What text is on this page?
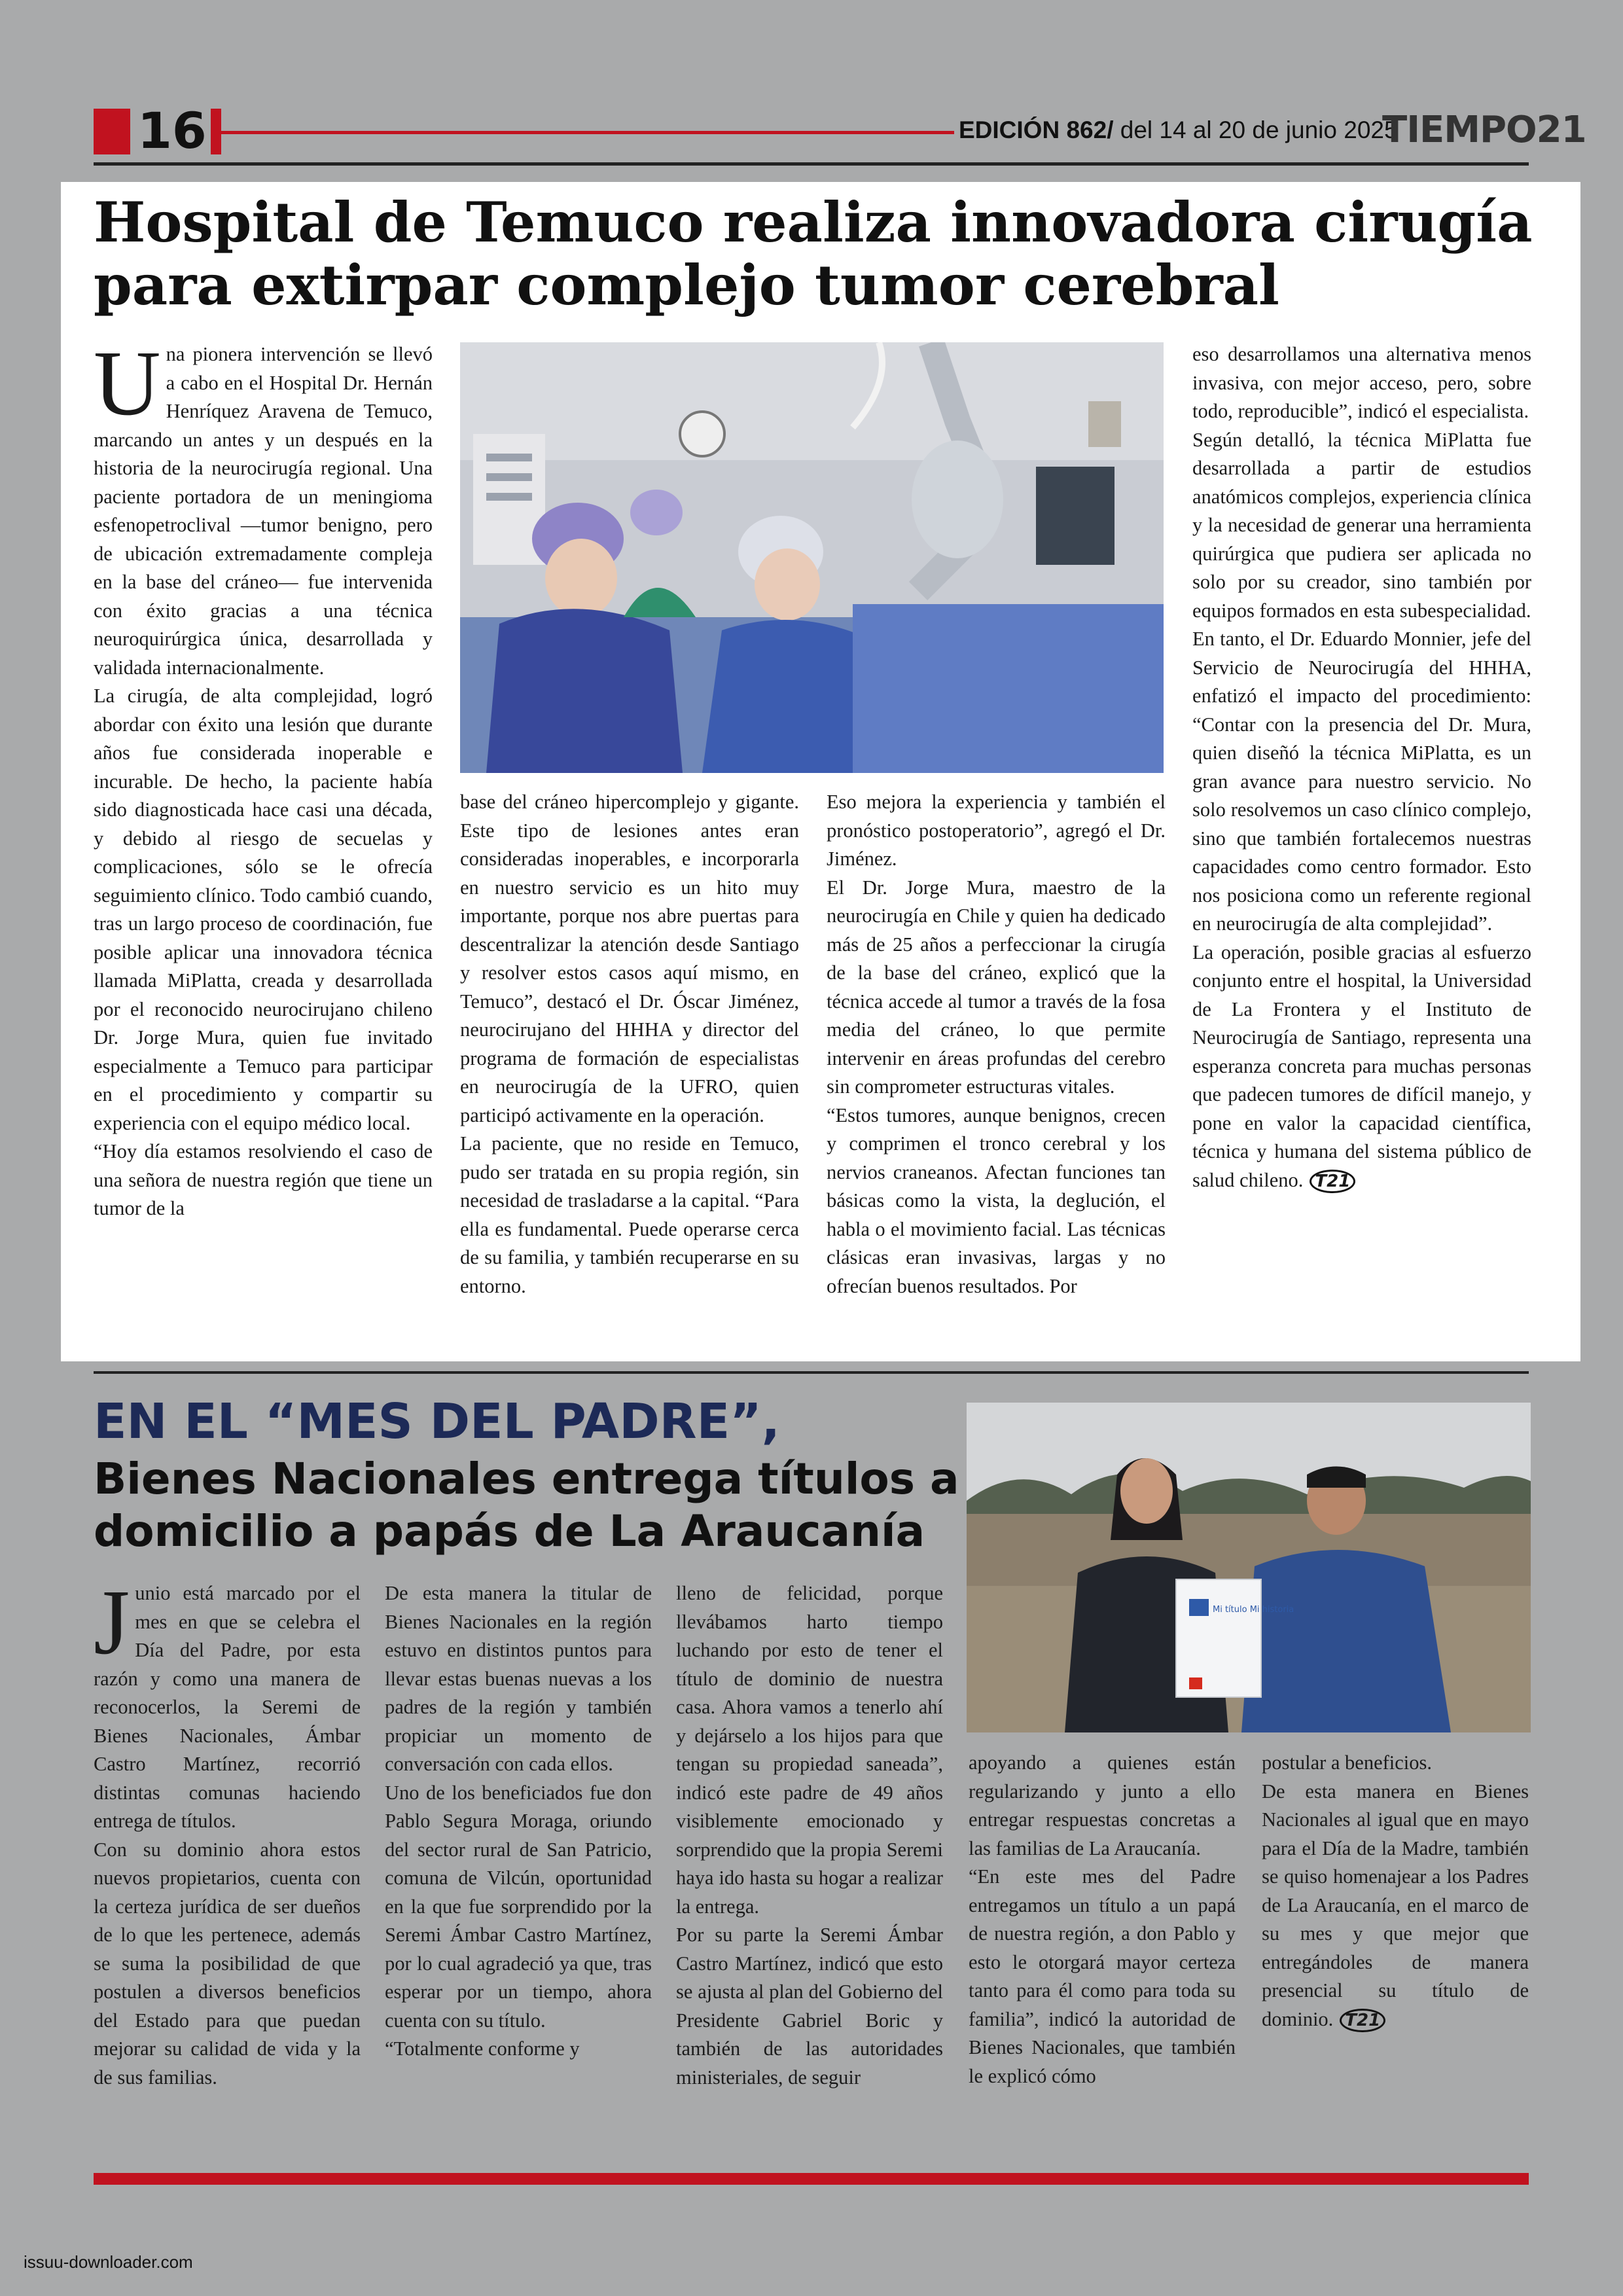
16	EDICIÓN 862/ del 14 al 20 de junio 2025
TIEMPO21
Hospital de Temuco realiza innovadora cirugía para extirpar complejo tumor cerebral
U na pionera intervención se llevó a cabo en el Hospital Dr. Hernán Henríquez Aravena de Temuco, marcando un antes y un después en la historia de la neurocirugía regional. Una paciente portadora de un meningioma esfenopetroclival —tumor benigno, pero de ubicación extremadamente compleja en la base del cráneo— fue intervenida con éxito gracias a una técnica neuroquirúrgica única, desarrollada y validada internacionalmente.

La cirugía, de alta complejidad, logró abordar con éxito una lesión que durante años fue considerada inoperable e incurable. De hecho, la paciente había sido diagnosticada hace casi una década, y debido al riesgo de secuelas y complicaciones, sólo se le ofrecía seguimiento clínico. Todo cambió cuando, tras un largo proceso de coordinación, fue posible aplicar una innovadora técnica llamada MiPlatta, creada y desarrollada por el reconocido neurocirujano chileno Dr. Jorge Mura, quien fue invitado especialmente a Temuco para participar en el procedimiento y compartir su experiencia con el equipo médico local.

“Hoy día estamos resolviendo el caso de una señora de nuestra región que tiene un tumor de la

base del cráneo hipercomplejo y gigante. Este tipo de lesiones antes eran consideradas inoperables, e incorporarla en nuestro servicio es un hito muy importante, porque nos abre puertas para descentralizar la atención desde Santiago y resolver estos casos aquí mismo, en Temuco”, destacó el Dr. Óscar Jiménez, neurocirujano del HHHA y director del programa de formación de especialistas en neurocirugía de la UFRO, quien participó activamente en la operación.

La paciente, que no reside en Temuco, pudo ser tratada en su propia región, sin necesidad de trasladarse a la capital. “Para ella es fundamental. Puede operarse cerca de su familia, y también recuperarse en su entorno.

Eso mejora la experiencia y también el pronóstico postoperatorio”, agregó el Dr. Jiménez.

El Dr. Jorge Mura, maestro de la neurocirugía en Chile y quien ha dedicado más de 25 años a perfeccionar la cirugía de la base del cráneo, explicó que la técnica accede al tumor a través de la fosa media del cráneo, lo que permite intervenir en áreas profundas del cerebro sin comprometer estructuras vitales.

“Estos tumores, aunque benignos, crecen y comprimen el tronco cerebral y los nervios craneanos. Afectan funciones tan básicas como la vista, la deglución, el habla o el movimiento facial. Las técnicas clásicas eran invasivas, largas y no ofrecían buenos resultados. Por

eso desarrollamos una alternativa menos invasiva, con mejor acceso, pero, sobre todo, reproducible”, indicó el especialista.

Según detalló, la técnica MiPlatta fue desarrollada a partir de estudios anatómicos complejos, experiencia clínica y la necesidad de generar una herramienta quirúrgica que pudiera ser aplicada no solo por su creador, sino también por equipos formados en esta subespecialidad.

En tanto, el Dr. Eduardo Monnier, jefe del Servicio de Neurocirugía del HHHA, enfatizó el impacto del procedimiento: “Contar con la presencia del Dr. Mura, quien diseñó la técnica MiPlatta, es un gran avance para nuestro servicio. No solo resolvemos un caso clínico complejo, sino que también fortalecemos nuestras capacidades como centro formador. Esto nos posiciona como un referente regional en neurocirugía de alta complejidad”.

La operación, posible gracias al esfuerzo conjunto entre el hospital, la Universidad de La Frontera y el Instituto de Neurocirugía de Santiago, representa una esperanza concreta para muchas personas que padecen tumores de difícil manejo, y pone en valor la capacidad científica, técnica y humana del sistema público de salud chileno. T21

EN EL “MES DEL PADRE”,
Bienes Nacionales entrega títulos a domicilio a papás de La Araucanía
Mi título Mi historia
J unio está marcado por el mes en que se celebra el Día del Padre, por esta razón y como una manera de reconocerlos, la Seremi de Bienes Nacionales, Ámbar Castro Martínez, recorrió distintas comunas haciendo entrega de títulos.

Con su dominio ahora estos nuevos propietarios, cuenta con la certeza jurídica de ser dueños de lo que les pertenece, además se suma la posibilidad de que postulen a diversos beneficios del Estado para que puedan mejorar su calidad de vida y la de sus familias.

De esta manera la titular de Bienes Nacionales en la región estuvo en distintos puntos para llevar estas buenas nuevas a los padres de la región y también propiciar un momento de conversación con cada ellos.

Uno de los beneficiados fue don Pablo Segura Moraga, oriundo del sector rural de San Patricio, comuna de Vilcún, oportunidad en la que fue sorprendido por la Seremi Ámbar Castro Martínez, por lo cual agradeció ya que, tras esperar por un tiempo, ahora cuenta con su título.

“Totalmente conforme y

lleno de felicidad, porque llevábamos harto tiempo luchando por esto de tener el título de dominio de nuestra casa. Ahora vamos a tenerlo ahí y dejárselo a los hijos para que tengan su propiedad saneada”, indicó este padre de 49 años visiblemente emocionado y sorprendido que la propia Seremi haya ido hasta su hogar a realizar la entrega.

Por su parte la Seremi Ámbar Castro Martínez, indicó que esto se ajusta al plan del Gobierno del Presidente Gabriel Boric y también de las autoridades ministeriales, de seguir

apoyando a quienes están regularizando y junto a ello entregar respuestas concretas a las familias de La Araucanía.

“En este mes del Padre entregamos un título a un papá de nuestra región, a don Pablo y esto le otorgará mayor certeza tanto para él como para toda su familia”, indicó la autoridad de Bienes Nacionales, que también le explicó cómo

postular a beneficios.

De esta manera en Bienes Nacionales al igual que en mayo para el Día de la Madre, también se quiso homenajear a los Padres de La Araucanía, en el marco de su mes y que mejor que entregándoles de manera presencial su título de dominio. T21

issuu-downloader.com
